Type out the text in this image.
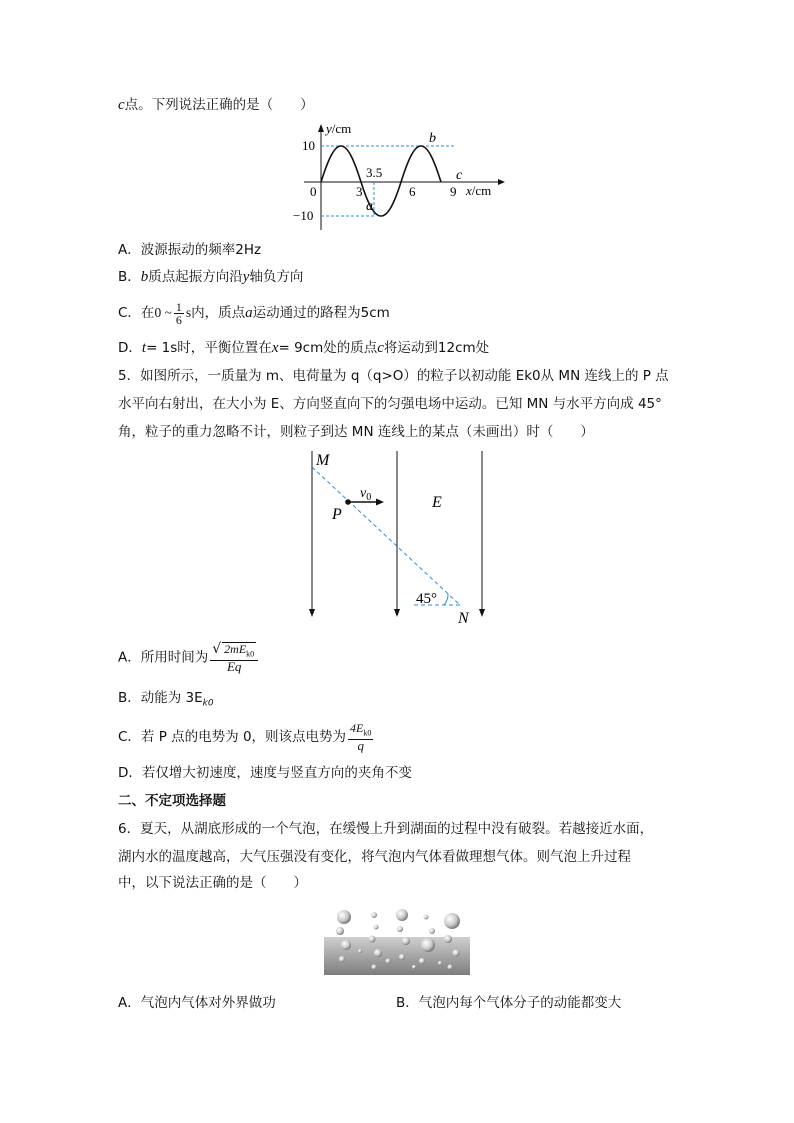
c点。下列说法正确的是（　　）
y/cm
x/cm
10
−10
0	3
3.5
6	9
a
b
c
A．波源振动的频率2Hz
B．b质点起振方向沿y轴负方向
C．在0 ~ $\frac{1}{6}$ s内，质点a运动通过的路程为5cm
D．t= 1s时，平衡位置在x= 9cm处的质点c将运动到12cm处
5．如图所示，一质量为 m、电荷量为 q（q>O）的粒子以初动能 Ek0从 MN 连线上的 P 点
水平向右射出，在大小为 E、方向竖直向下的匀强电场中运动。已知 MN 与水平方向成 45°
角，粒子的重力忽略不计，则粒子到达 MN 连线上的某点（未画出）时（　　）
M
N
P
E
$v_0$
45°
A．所用时间为 $\frac{√ 2mE_{k0}}{Eq}$
B．动能为 $3E_{k0}$
C．若 P 点的电势为 0，则该点电势为 $\frac{4E_{k0}}{q}$
D．若仅增大初速度，速度与竖直方向的夹角不变
二、不定项选择题
6．夏天，从湖底形成的一个气泡，在缓慢上升到湖面的过程中没有破裂。若越接近水面，
湖内水的温度越高，大气压强没有变化，将气泡内气体看做理想气体。则气泡上升过程
中，以下说法正确的是（　　）
A．气泡内气体对外界做功	B．气泡内每个气体分子的动能都变大
